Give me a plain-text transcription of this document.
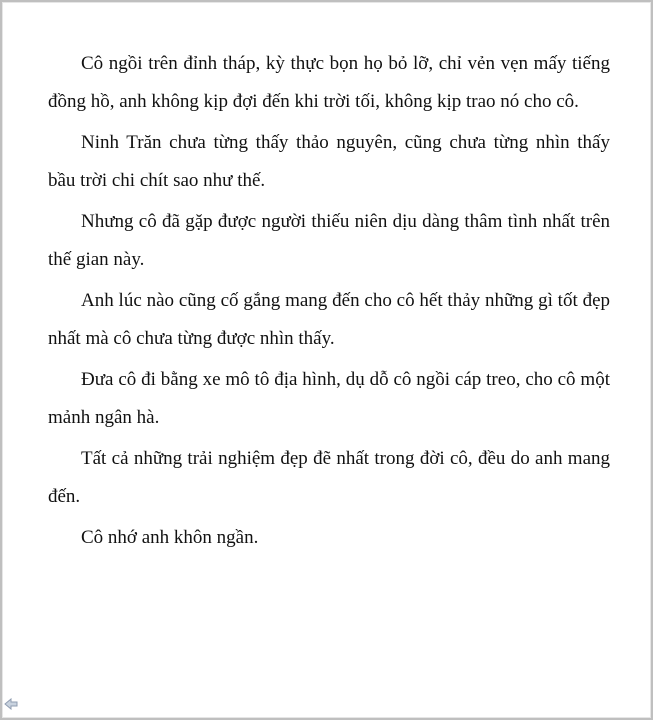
Cô ngồi trên đỉnh tháp, kỳ thực bọn họ bỏ lỡ, chỉ vẻn vẹn mấy tiếng đồng hồ, anh không kịp đợi đến khi trời tối, không kịp trao nó cho cô.

Ninh Trăn chưa từng thấy thảo nguyên, cũng chưa từng nhìn thấy bầu trời chi chít sao như thế.

Nhưng cô đã gặp được người thiếu niên dịu dàng thâm tình nhất trên thế gian này.

Anh lúc nào cũng cố gắng mang đến cho cô hết thảy những gì tốt đẹp nhất mà cô chưa từng được nhìn thấy.

Đưa cô đi bằng xe mô tô địa hình, dụ dỗ cô ngồi cáp treo, cho cô một mảnh ngân hà.

Tất cả những trải nghiệm đẹp đẽ nhất trong đời cô, đều do anh mang đến.

Cô nhớ anh khôn ngần.
